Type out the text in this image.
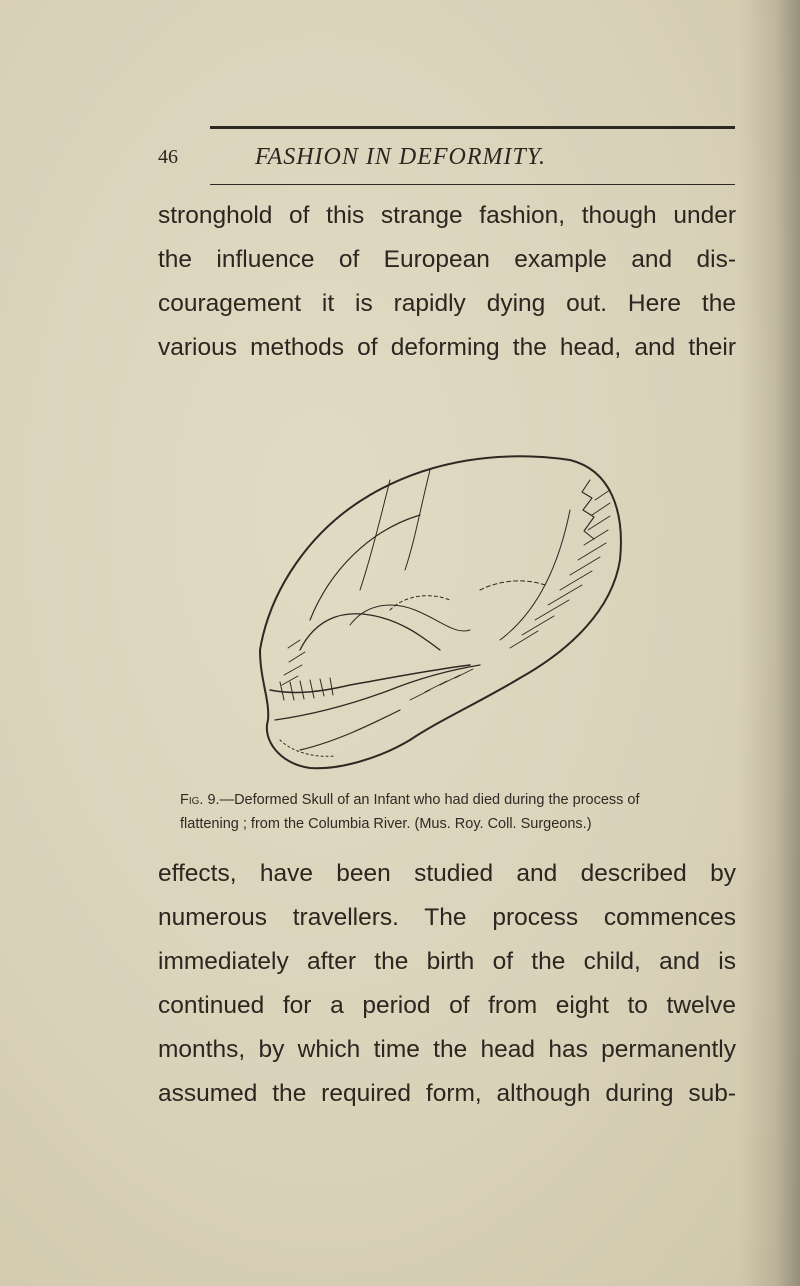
46	FASHION IN DEFORMITY.
stronghold of this strange fashion, though under
the influence of European example and dis-
couragement it is rapidly dying out. Here the
various methods of deforming the head, and their
Fig. 9.—Deformed Skull of an Infant who had died during the process of
flattening ; from the Columbia River. (Mus. Roy. Coll. Surgeons.)
effects, have been studied and described by
numerous travellers. The process commences
immediately after the birth of the child, and is
continued for a period of from eight to twelve
months, by which time the head has permanently
assumed the required form, although during sub-
